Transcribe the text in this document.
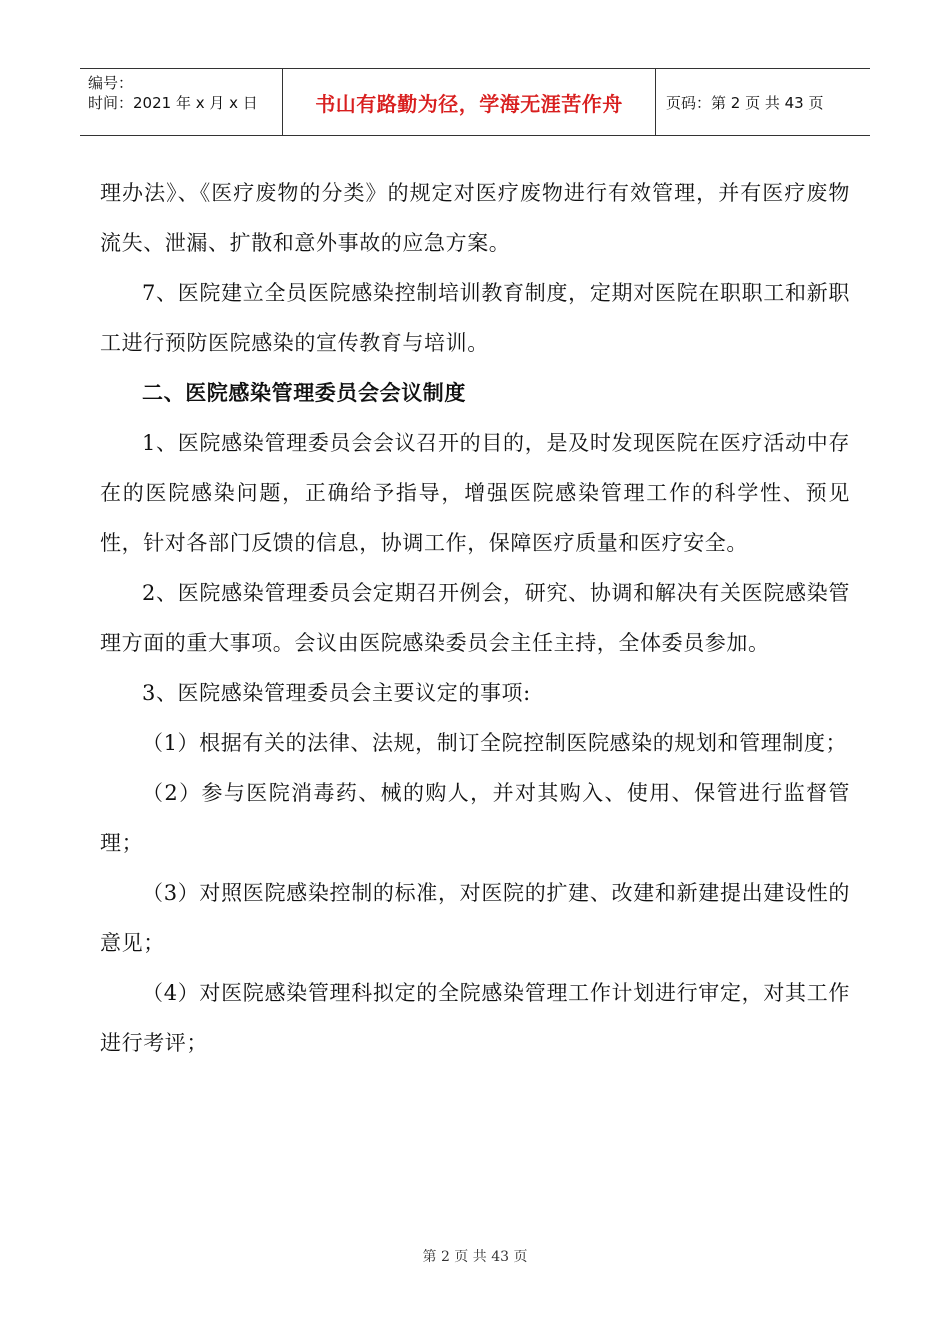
编号：
时间：2021 年 x 月 x 日	书山有路勤为径，学海无涯苦作舟	页码：第 2 页 共 43 页

理办法》、《医疗废物的分类》的规定对医疗废物进行有效管理，并有医疗废物流失、泄漏、扩散和意外事故的应急方案。

7、医院建立全员医院感染控制培训教育制度，定期对医院在职职工和新职工进行预防医院感染的宣传教育与培训。

二、医院感染管理委员会会议制度

1、医院感染管理委员会会议召开的目的，是及时发现医院在医疗活动中存在的医院感染问题，正确给予指导，增强医院感染管理工作的科学性、预见性，针对各部门反馈的信息，协调工作，保障医疗质量和医疗安全。

2、医院感染管理委员会定期召开例会，研究、协调和解决有关医院感染管理方面的重大事项。会议由医院感染委员会主任主持，全体委员参加。

3、医院感染管理委员会主要议定的事项:

（1）根据有关的法律、法规，制订全院控制医院感染的规划和管理制度；

（2）参与医院消毒药、械的购人，并对其购入、使用、保管进行监督管理；

（3）对照医院感染控制的标准，对医院的扩建、改建和新建提出建设性的意见；

（4）对医院感染管理科拟定的全院感染管理工作计划进行审定，对其工作进行考评；

第 2 页 共 43 页
